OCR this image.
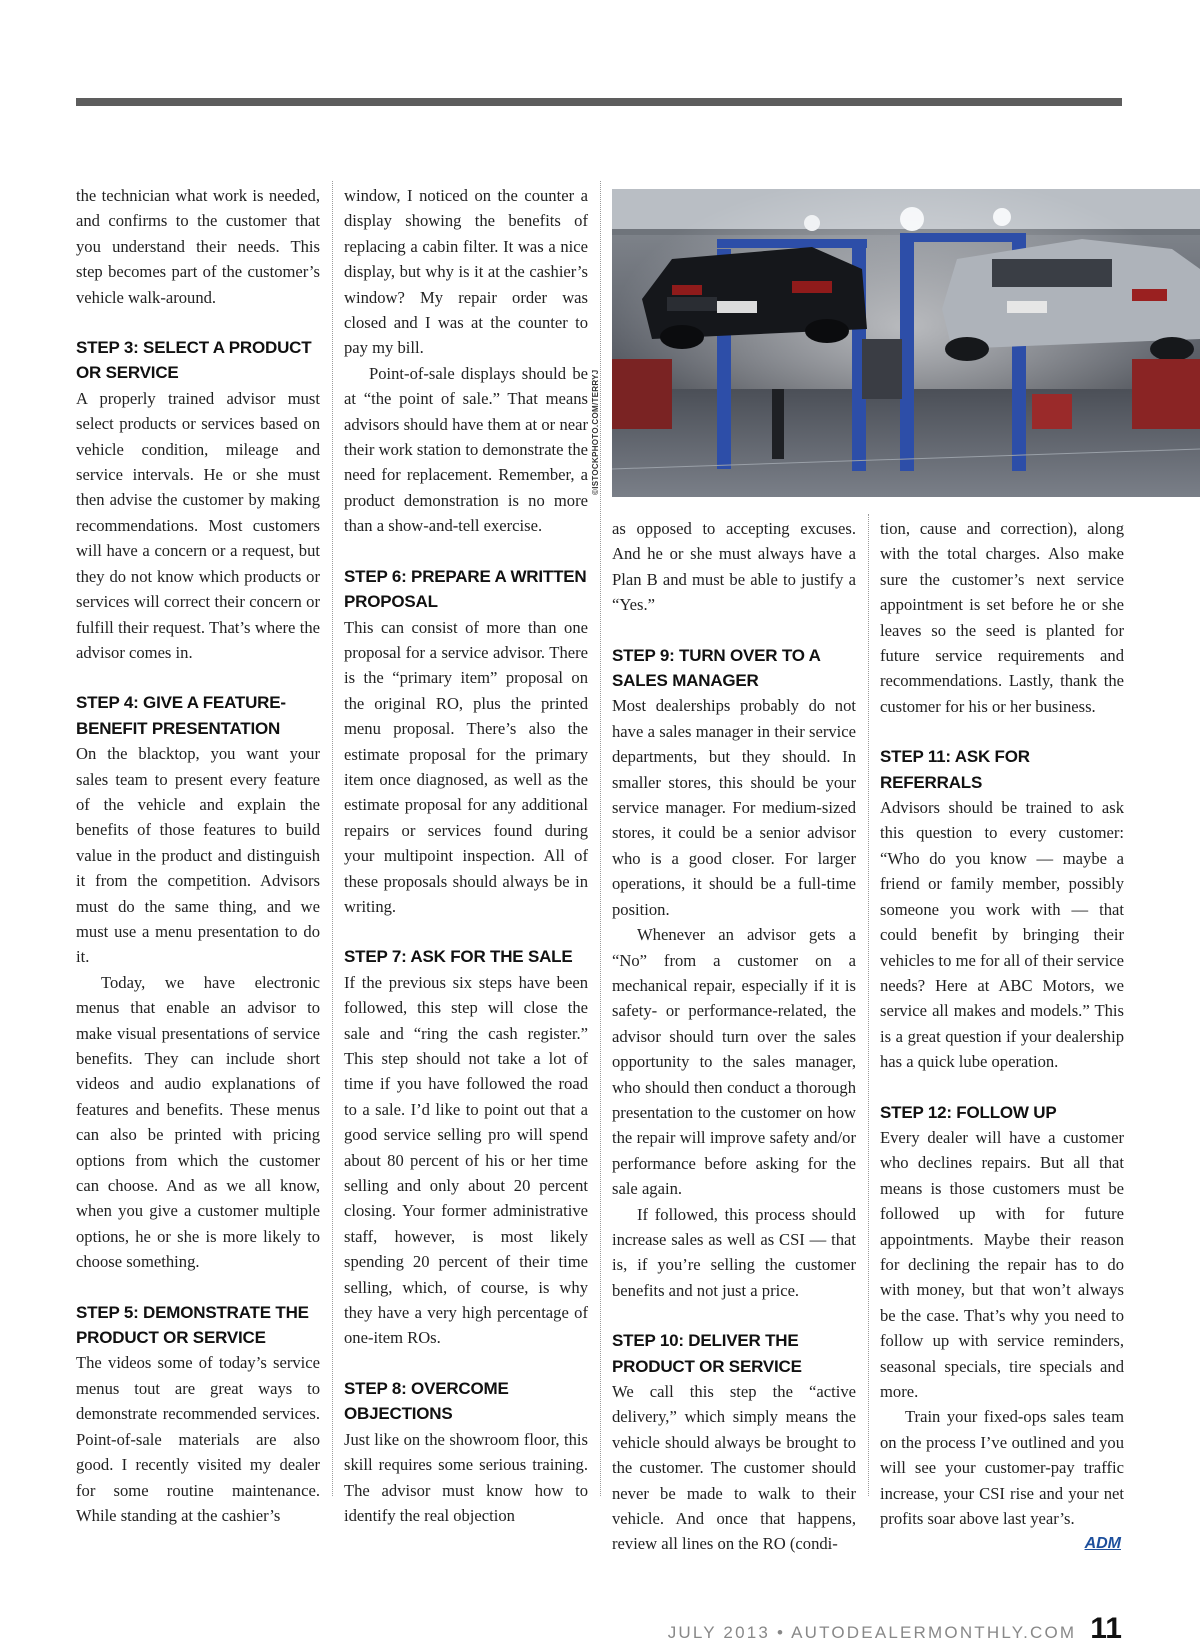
the technician what work is needed, and confirms to the customer that you understand their needs. This step becomes part of the customer’s vehicle walk-around.

STEP 3: SELECT A PRODUCT OR SERVICE

A properly trained advisor must select products or services based on vehicle condition, mileage and service intervals. He or she must then advise the customer by making recommendations. Most customers will have a concern or a request, but they do not know which products or services will correct their concern or fulfill their request. That’s where the advisor comes in.

STEP 4: GIVE A FEATURE-BENEFIT PRESENTATION

On the blacktop, you want your sales team to present every feature of the vehicle and explain the benefits of those features to build value in the product and distinguish it from the competition. Advisors must do the same thing, and we must use a menu presentation to do it.

Today, we have electronic menus that enable an advisor to make visual presentations of service benefits. They can include short videos and audio explanations of features and benefits. These menus can also be printed with pricing options from which the customer can choose. And as we all know, when you give a customer multiple options, he or she is more likely to choose something.

STEP 5: DEMONSTRATE THE PRODUCT OR SERVICE

The videos some of today’s service menus tout are great ways to demonstrate recommended services. Point-of-sale materials are also good. I recently visited my dealer for some routine maintenance. While standing at the cashier’s

window, I noticed on the counter a display showing the benefits of replacing a cabin filter. It was a nice display, but why is it at the cashier’s window? My repair order was closed and I was at the counter to pay my bill.

Point-of-sale displays should be at “the point of sale.” That means advisors should have them at or near their work station to demonstrate the need for replacement. Remember, a product demonstration is no more than a show-and-tell exercise.

STEP 6: PREPARE A WRITTEN PROPOSAL

This can consist of more than one proposal for a service advisor. There is the “primary item” proposal on the original RO, plus the printed menu proposal. There’s also the estimate proposal for the primary item once diagnosed, as well as the estimate proposal for any additional repairs or services found during your multipoint inspection. All of these proposals should always be in writing.

STEP 7: ASK FOR THE SALE

If the previous six steps have been followed, this step will close the sale and “ring the cash register.” This step should not take a lot of time if you have followed the road to a sale. I’d like to point out that a good service selling pro will spend about 80 percent of his or her time selling and only about 20 percent closing. Your former administrative staff, however, is most likely spending 20 percent of their time selling, which, of course, is why they have a very high percentage of one-item ROs.

STEP 8: OVERCOME OBJECTIONS

Just like on the showroom floor, this skill requires some serious training. The advisor must know how to identify the real objection

©ISTOCKPHOTO.COM/TERRYJ

as opposed to accepting excuses. And he or she must always have a Plan B and must be able to justify a “Yes.”

STEP 9: TURN OVER TO A SALES MANAGER

Most dealerships probably do not have a sales manager in their service departments, but they should. In smaller stores, this should be your service manager. For medium-sized stores, it could be a senior advisor who is a good closer. For larger operations, it should be a full-time position.

Whenever an advisor gets a “No” from a customer on a mechanical repair, especially if it is safety- or performance-related, the advisor should turn over the sales opportunity to the sales manager, who should then conduct a thorough presentation to the customer on how the repair will improve safety and/or performance before asking for the sale again.

If followed, this process should increase sales as well as CSI — that is, if you’re selling the customer benefits and not just a price.

STEP 10: DELIVER THE PRODUCT OR SERVICE

We call this step the “active delivery,” which simply means the vehicle should always be brought to the customer. The customer should never be made to walk to their vehicle. And once that happens, review all lines on the RO (condi-

tion, cause and correction), along with the total charges. Also make sure the customer’s next service appointment is set before he or she leaves so the seed is planted for future service requirements and recommendations. Lastly, thank the customer for his or her business.

STEP 11: ASK FOR REFERRALS

Advisors should be trained to ask this question to every customer: “Who do you know — maybe a friend or family member, possibly someone you work with — that could benefit by bringing their vehicles to me for all of their service needs? Here at ABC Motors, we service all makes and models.” This is a great question if your dealership has a quick lube operation.

STEP 12: FOLLOW UP

Every dealer will have a customer who declines repairs. But all that means is those customers must be followed up with for future appointments. Maybe their reason for declining the repair has to do with money, but that won’t always be the case. That’s why you need to follow up with service reminders, seasonal specials, tire specials and more.

Train your fixed-ops sales team on the process I’ve outlined and you will see your customer-pay traffic increase, your CSI rise and your net profits soar above last year’s.
ADM

JULY 2013 • AUTODEALERMONTHLY.COM 11
